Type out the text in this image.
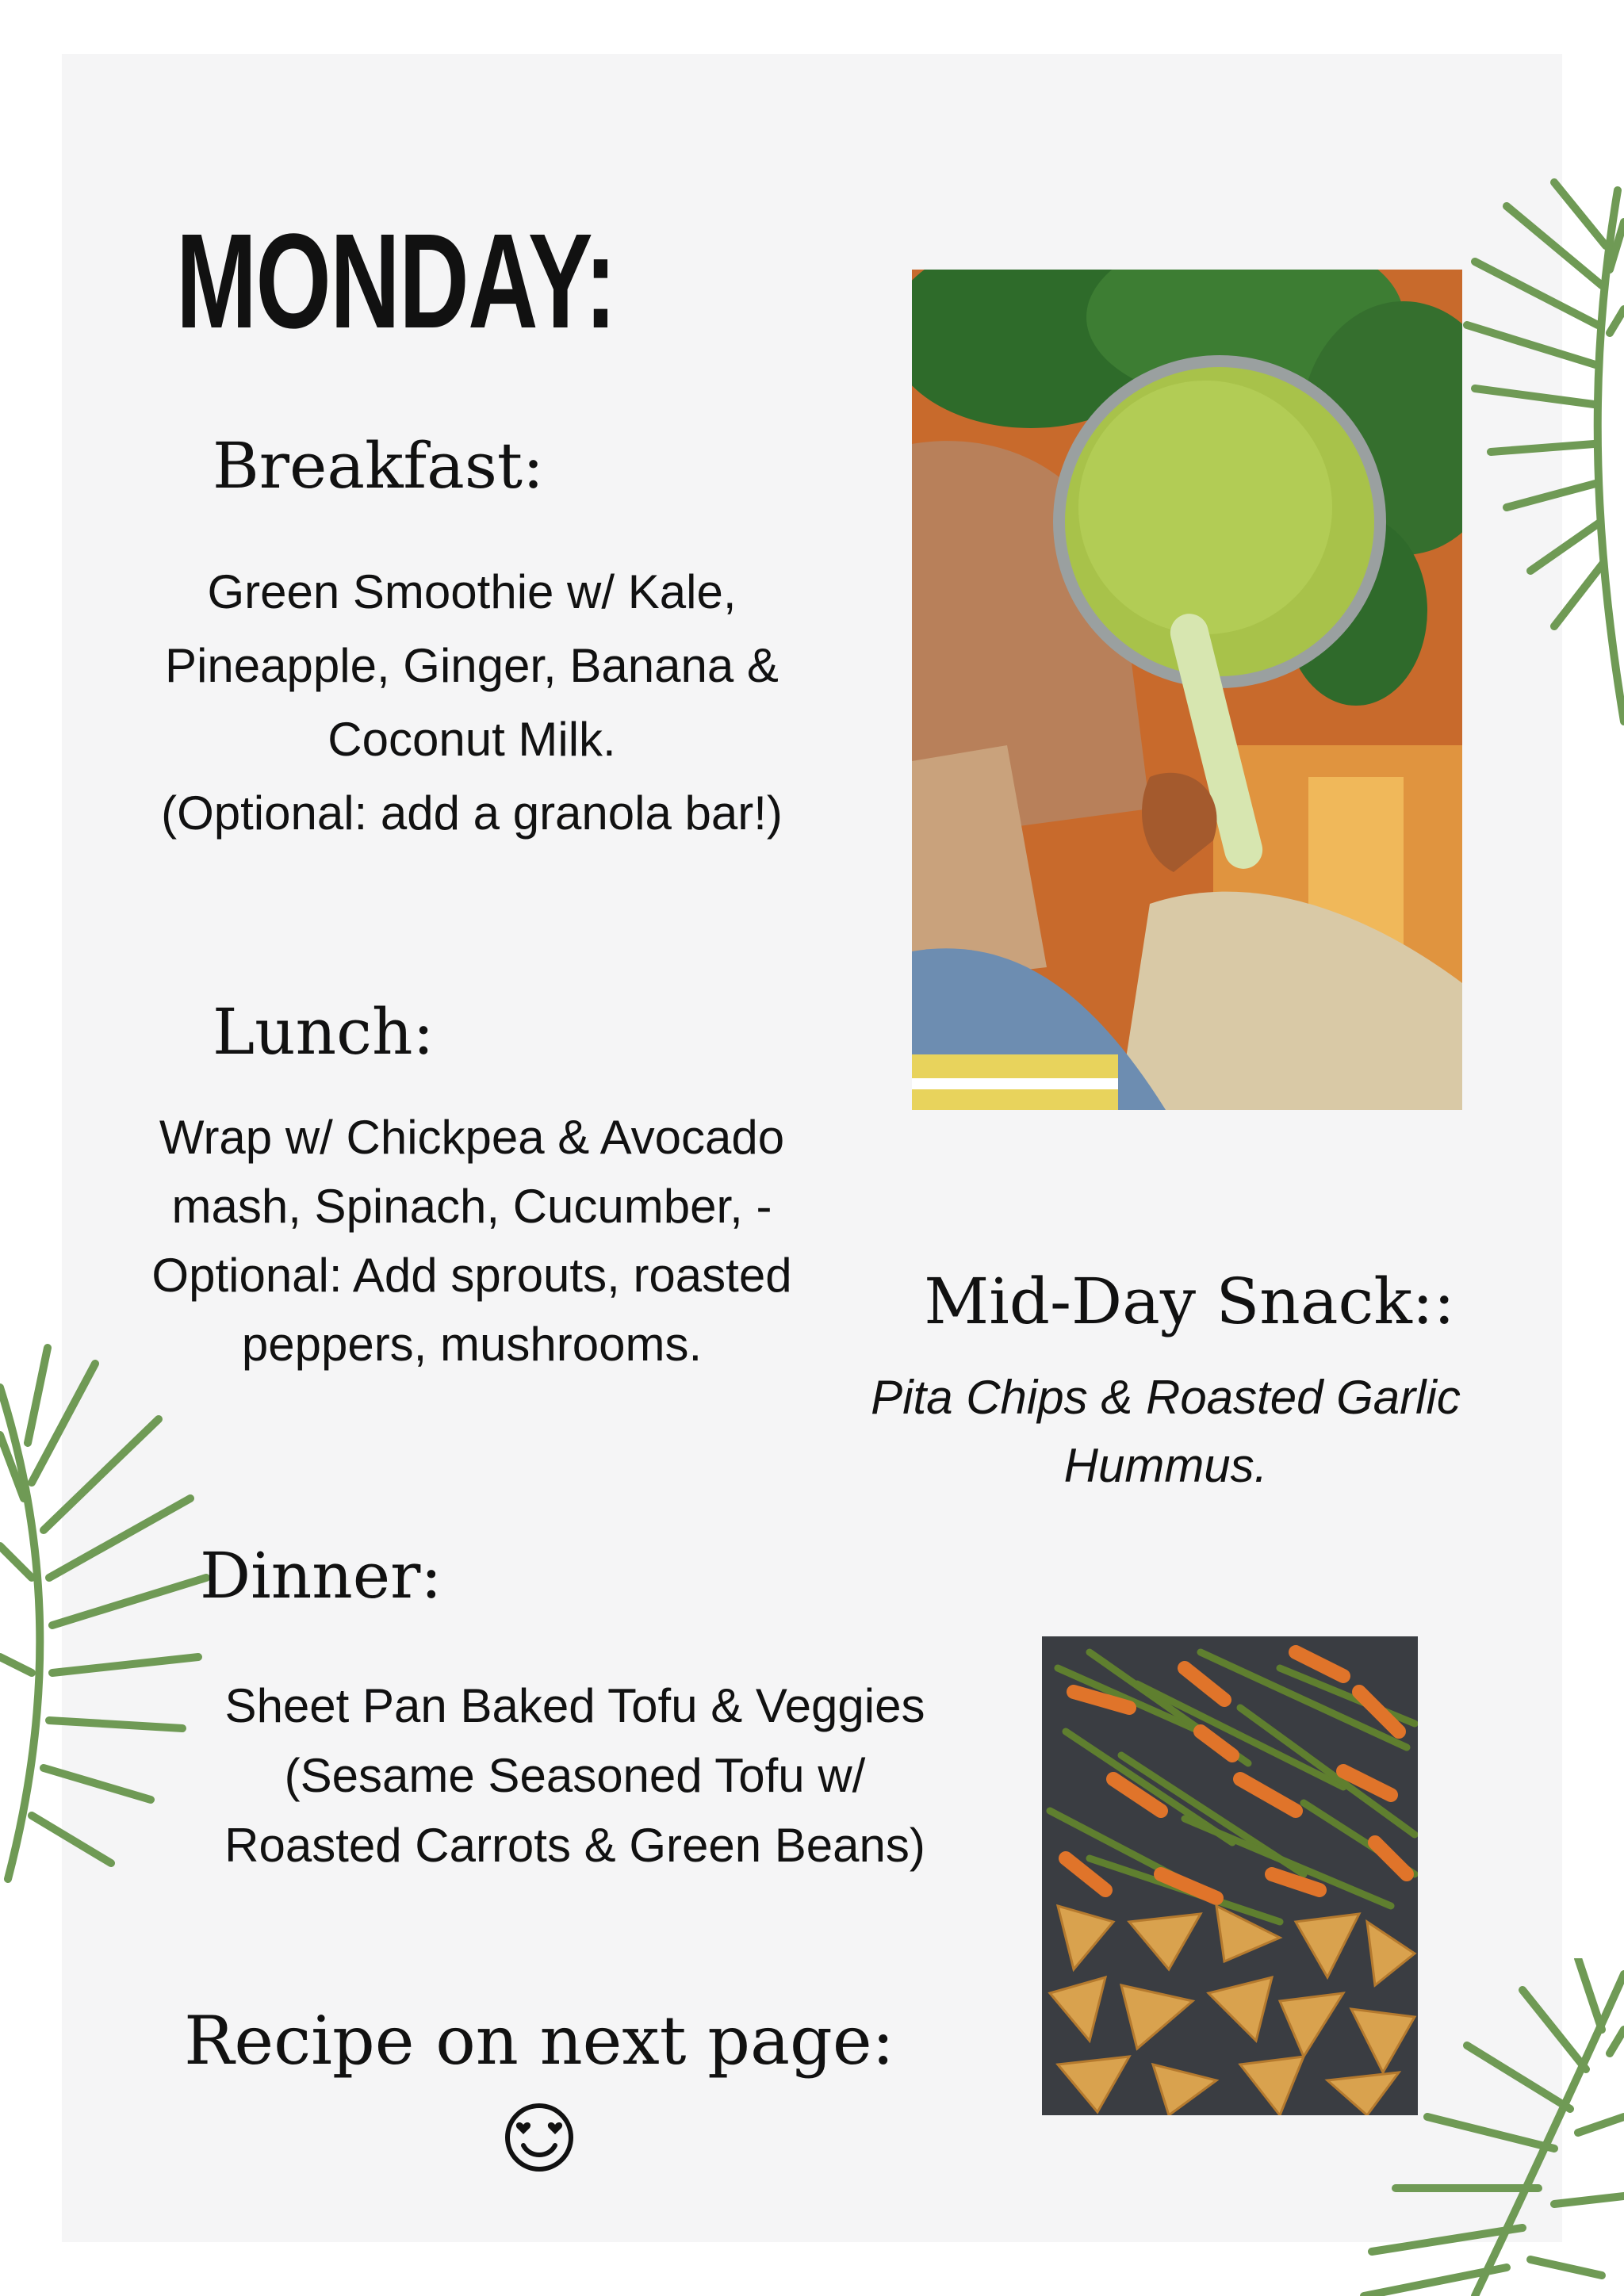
MONDAY:
Breakfast:
Green Smoothie w/ Kale,
Pineapple, Ginger, Banana &
Coconut Milk.
(Optional: add a granola bar!)
Lunch:
Wrap w/ Chickpea & Avocado
mash, Spinach, Cucumber, -
Optional: Add sprouts, roasted
peppers, mushrooms.
Mid-Day Snack::
Pita Chips & Roasted Garlic
Hummus.
Dinner:
Sheet Pan Baked Tofu & Veggies
(Sesame Seasoned Tofu w/
Roasted Carrots & Green Beans)
Recipe on next page:
